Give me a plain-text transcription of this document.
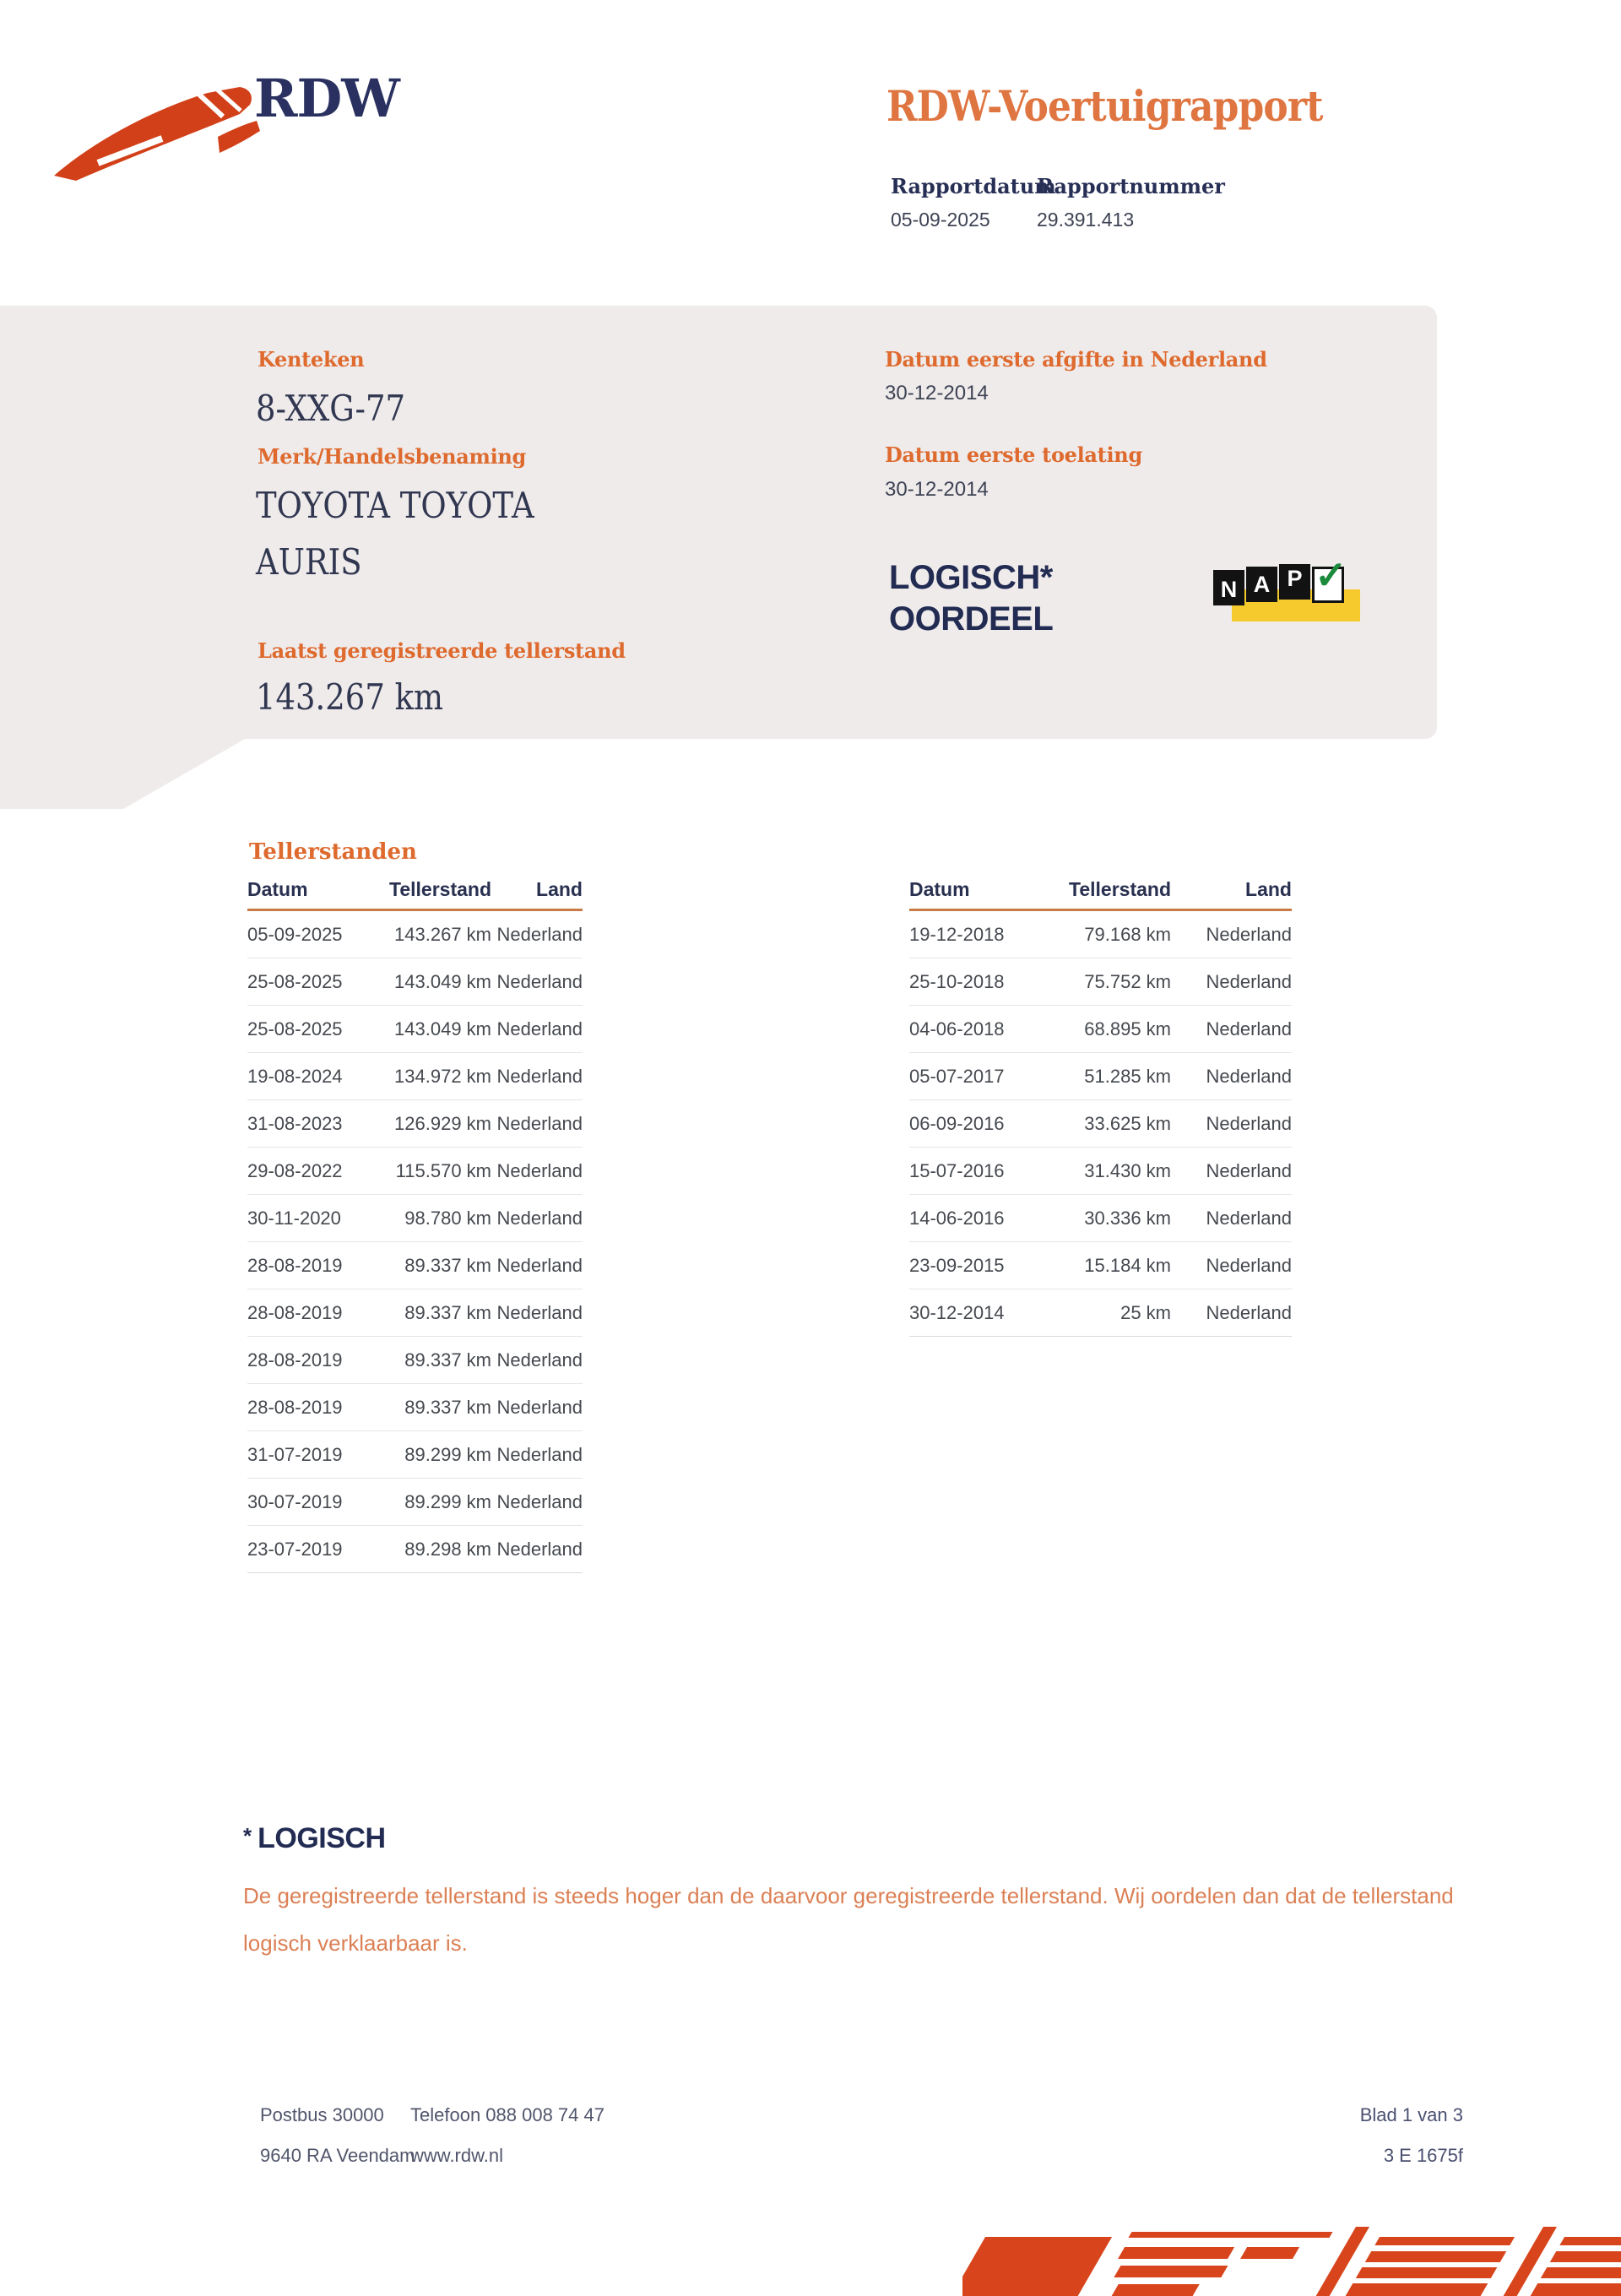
RDW	RDW-Voertuigrapport
Rapportdatum
05-09-2025
Rapportnummer
29.391.413
Kenteken
8-XXG-77
Merk/Handelsbenaming
TOYOTA TOYOTA AURIS
Laatst geregistreerde tellerstand
143.267 km
Datum eerste afgifte in Nederland
30-12-2014
Datum eerste toelating
30-12-2014
LOGISCH*
OORDEEL
N A P ✓
Tellerstanden
Datum	Tellerstand	Land
05-09-2025	143.267 km Nederland
25-08-2025	143.049 km Nederland
25-08-2025	143.049 km Nederland
19-08-2024	134.972 km Nederland
31-08-2023	126.929 km Nederland
29-08-2022	115.570 km Nederland
30-11-2020	98.780 km Nederland
28-08-2019	89.337 km Nederland
28-08-2019	89.337 km Nederland
28-08-2019	89.337 km Nederland
28-08-2019	89.337 km Nederland
31-07-2019	89.299 km Nederland
30-07-2019	89.299 km Nederland
23-07-2019	89.298 km Nederland
Datum	Tellerstand	Land
19-12-2018	79.168 km	Nederland
25-10-2018	75.752 km	Nederland
04-06-2018	68.895 km	Nederland
05-07-2017	51.285 km	Nederland
06-09-2016	33.625 km	Nederland
15-07-2016	31.430 km	Nederland
14-06-2016	30.336 km	Nederland
23-09-2015	15.184 km	Nederland
30-12-2014	25 km	Nederland
* LOGISCH
De geregistreerde tellerstand is steeds hoger dan de daarvoor geregistreerde tellerstand. Wij oordelen dan dat de tellerstand logisch verklaarbaar is.
Postbus 30000
9640 RA Veendam
Telefoon 088 008 74 47
www.rdw.nl
Blad 1 van 3
3 E 1675f
